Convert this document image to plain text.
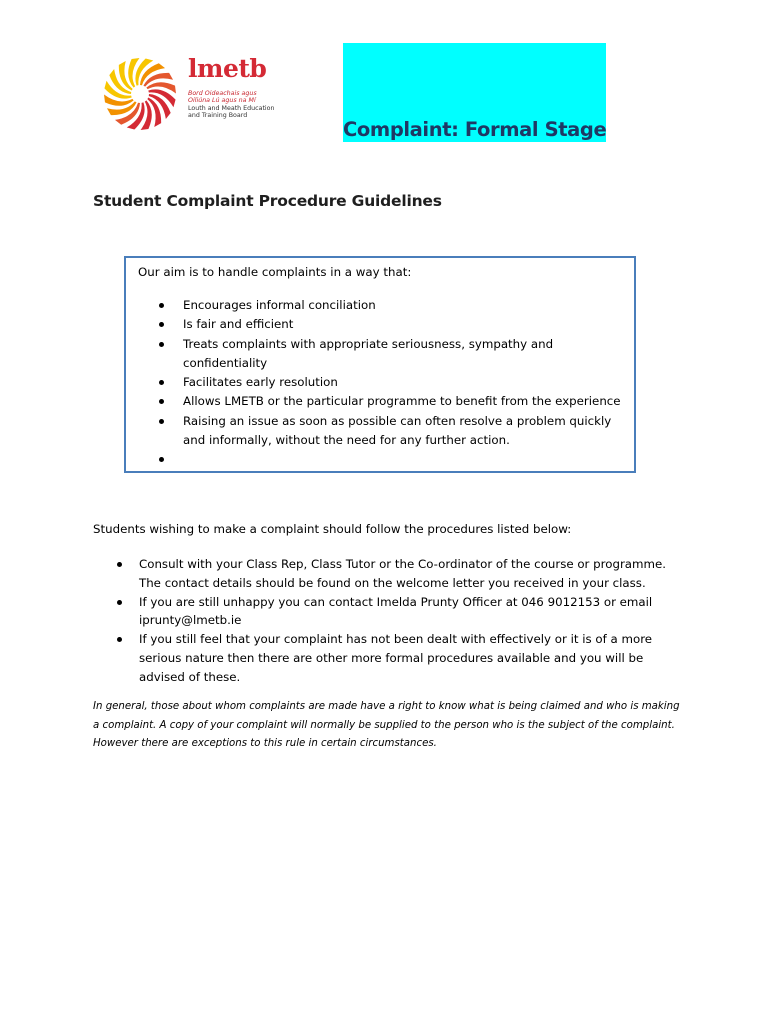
lmetb
Bord Oideachais agus
Oiliúna Lú agus na Mí
Louth and Meath Education
and Training Board
Complaint: Formal Stage
Student Complaint Procedure Guidelines
Our aim is to handle complaints in a way that:
Encourages informal conciliation
Is fair and efficient
Treats complaints with appropriate seriousness, sympathy and confidentiality
Facilitates early resolution
Allows LMETB or the particular programme to benefit from the experience
Raising an issue as soon as possible can often resolve a problem quickly and informally, without the need for any further action.
Students wishing to make a complaint should follow the procedures listed below:
Consult with your Class Rep, Class Tutor or the Co-ordinator of the course or programme. The contact details should be found on the welcome letter you received in your class.
If you are still unhappy you can contact Imelda Prunty Officer at 046 9012153 or email iprunty@lmetb.ie
If you still feel that your complaint has not been dealt with effectively or it is of a more serious nature then there are other more formal procedures available and you will be advised of these.
In general, those about whom complaints are made have a right to know what is being claimed and who is making a complaint. A copy of your complaint will normally be supplied to the person who is the subject of the complaint. However there are exceptions to this rule in certain circumstances.
